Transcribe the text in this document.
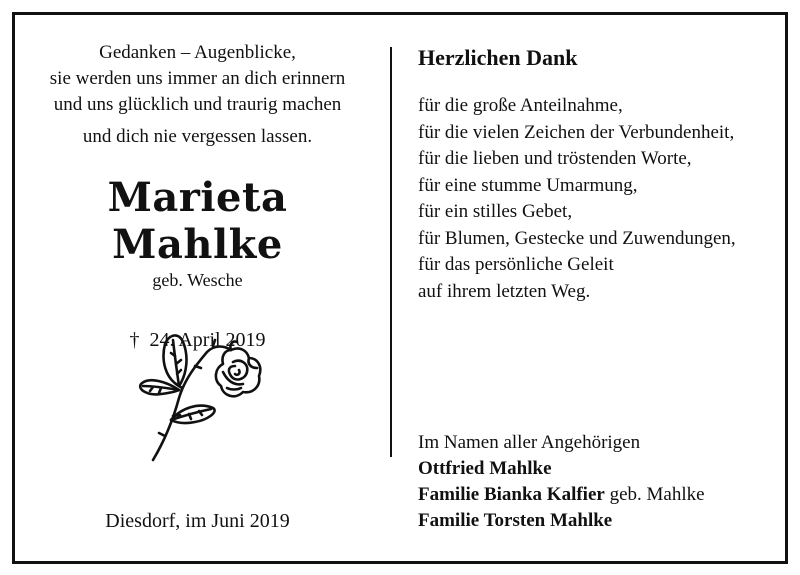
Gedanken – Augenblicke,
sie werden uns immer an dich erinnern
und uns glücklich und traurig machen
und dich nie vergessen lassen.

Marieta Mahlke
geb. Wesche
† 24. April 2019
Diesdorf, im Juni 2019
Herzlichen Dank
für die große Anteilnahme,
für die vielen Zeichen der Verbundenheit,
für die lieben und tröstenden Worte,
für eine stumme Umarmung,
für ein stilles Gebet,
für Blumen, Gestecke und Zuwendungen,
für das persönliche Geleit
auf ihrem letzten Weg.
Im Namen aller Angehörigen
Ottfried Mahlke
Familie Bianka Kalfier geb. Mahlke
Familie Torsten Mahlke
